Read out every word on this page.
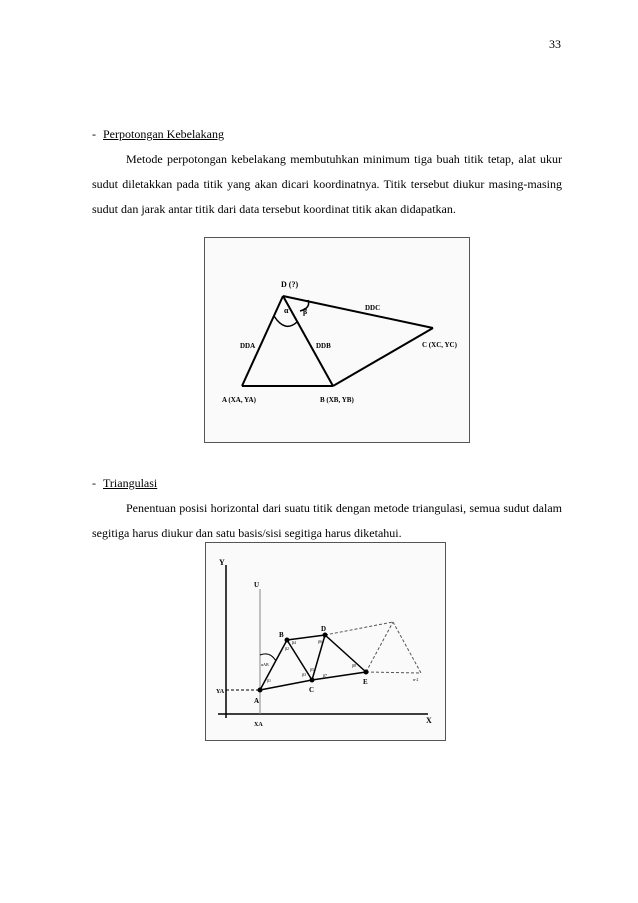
33
- Perpotongan Kebelakang

Metode perpotongan kebelakang membutuhkan minimum tiga buah titik tetap, alat ukur sudut diletakkan pada titik yang akan dicari koordinatnya. Titik tersebut diukur masing-masing sudut dan jarak antar titik dari data tersebut koordinat titik akan didapatkan.

D (?)
α β	DDC
DDA	DDB	C (XC, YC)
A (XA, YA)	B (XB, YB)
- Triangulasi

Penentuan posisi horizontal dari suatu titik dengan metode triangulasi, semua sudut dalam segitiga harus diukur dan satu basis/sisi segitiga harus diketahui.

Y
X
U
YA
XA
A
B
C
D
E
αAB
β1
β2
β3
β4
β5
β6
β7
β8
n-2
